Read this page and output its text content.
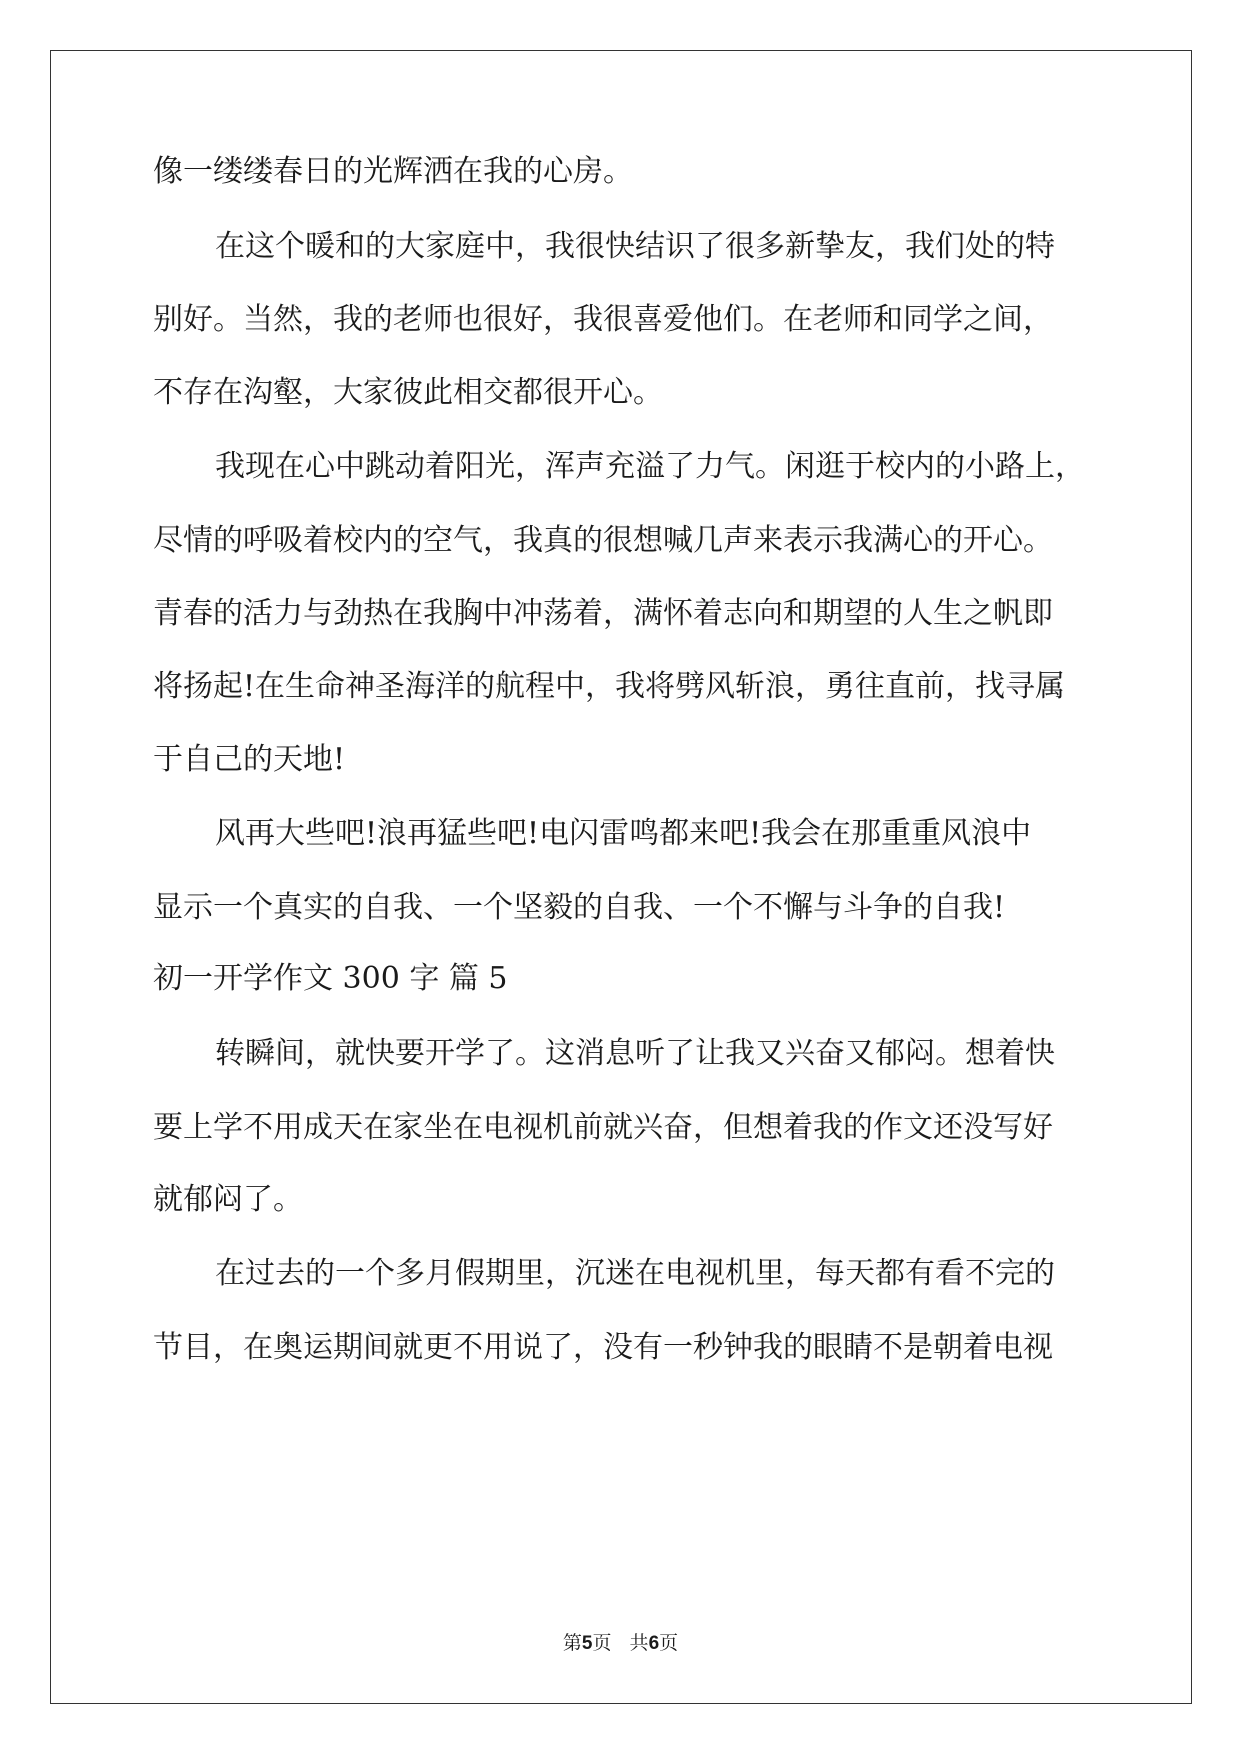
像一缕缕春日的光辉洒在我的心房。
在这个暖和的大家庭中，我很快结识了很多新挚友，我们处的特
别好。当然，我的老师也很好，我很喜爱他们。在老师和同学之间，
不存在沟壑，大家彼此相交都很开心。
我现在心中跳动着阳光，浑声充溢了力气。闲逛于校内的小路上，
尽情的呼吸着校内的空气，我真的很想喊几声来表示我满心的开心。
青春的活力与劲热在我胸中冲荡着，满怀着志向和期望的人生之帆即
将扬起!在生命神圣海洋的航程中，我将劈风斩浪，勇往直前，找寻属
于自己的天地!
风再大些吧!浪再猛些吧!电闪雷鸣都来吧!我会在那重重风浪中
显示一个真实的自我、一个坚毅的自我、一个不懈与斗争的自我!
初一开学作文 300 字 篇 5
转瞬间，就快要开学了。这消息听了让我又兴奋又郁闷。想着快
要上学不用成天在家坐在电视机前就兴奋，但想着我的作文还没写好
就郁闷了。
在过去的一个多月假期里，沉迷在电视机里，每天都有看不完的
节目，在奥运期间就更不用说了，没有一秒钟我的眼睛不是朝着电视
第5页   共6页
